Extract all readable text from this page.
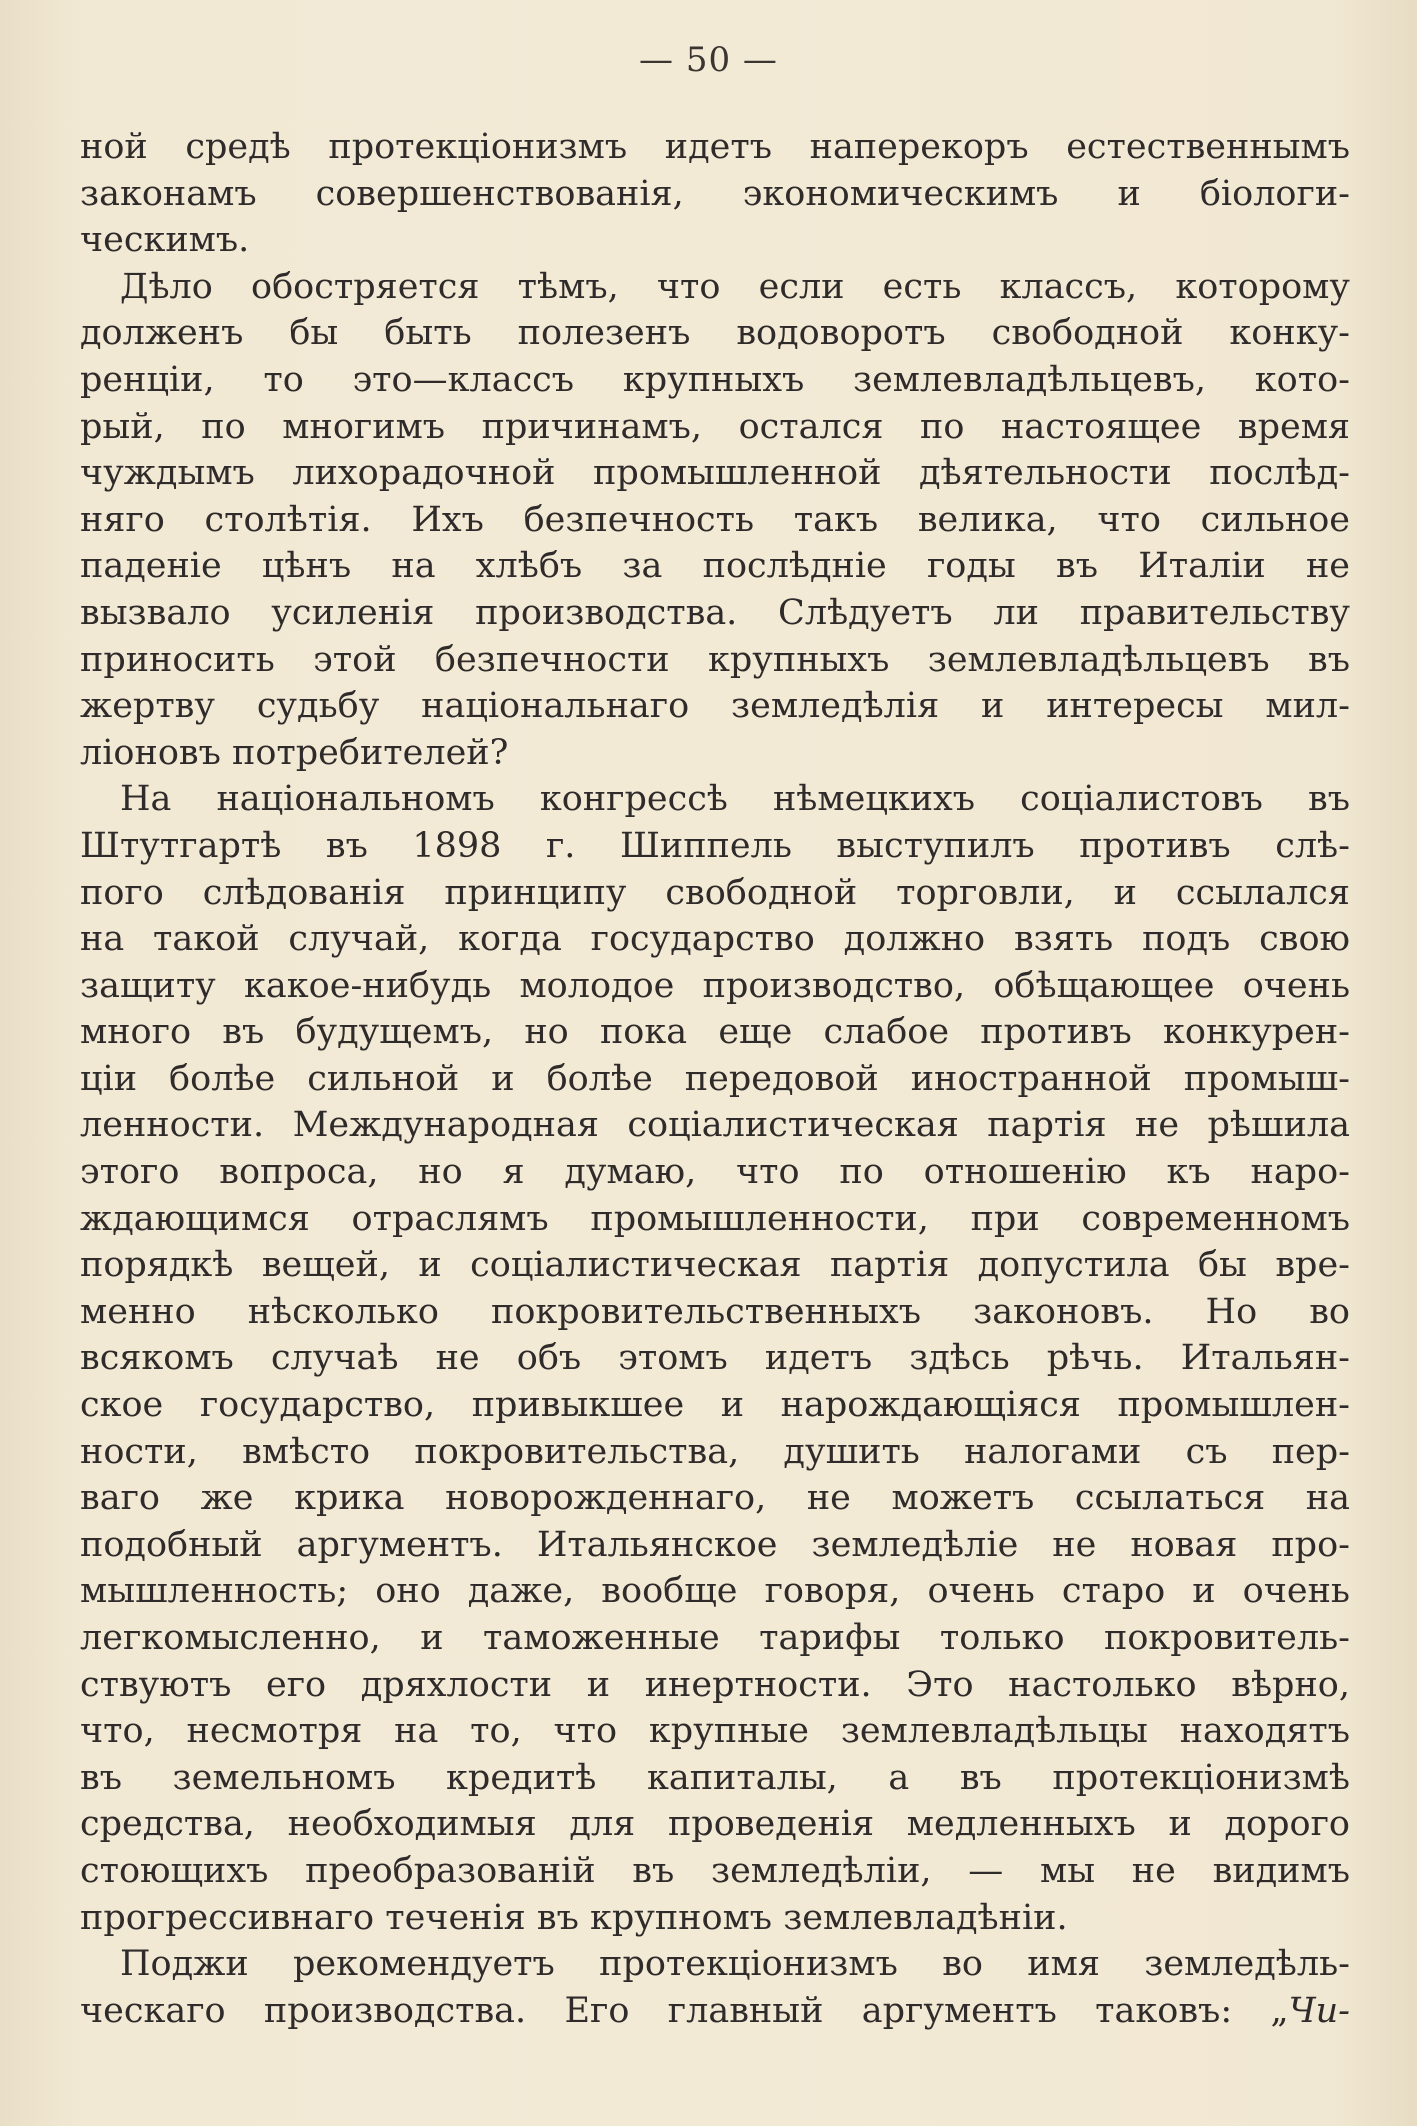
— 50 —
ной средѣ протекціонизмъ идетъ наперекоръ естественнымъ
законамъ совершенствованія, экономическимъ и біологи-
ческимъ.
Дѣло обостряется тѣмъ, что если есть классъ, которому
долженъ бы быть полезенъ водоворотъ свободной конку-
ренціи, то это—классъ крупныхъ землевладѣльцевъ, кото-
рый, по многимъ причинамъ, остался по настоящее время
чуждымъ лихорадочной промышленной дѣятельности послѣд-
няго столѣтія. Ихъ безпечность такъ велика, что сильное
паденіе цѣнъ на хлѣбъ за послѣдніе годы въ Италіи не
вызвало усиленія производства. Слѣдуетъ ли правительству
приносить этой безпечности крупныхъ землевладѣльцевъ въ
жертву судьбу національнаго земледѣлія и интересы мил-
ліоновъ потребителей?
На національномъ конгрессѣ нѣмецкихъ соціалистовъ въ
Штутгартѣ въ 1898 г. Шиппель выступилъ противъ слѣ-
пого слѣдованія принципу свободной торговли, и ссылался
на такой случай, когда государство должно взять подъ свою
защиту какое-нибудь молодое производство, обѣщающее очень
много въ будущемъ, но пока еще слабое противъ конкурен-
ціи болѣе сильной и болѣе передовой иностранной промыш-
ленности. Международная соціалистическая партія не рѣшила
этого вопроса, но я думаю, что по отношенію къ наро-
ждающимся отраслямъ промышленности, при современномъ
порядкѣ вещей, и соціалистическая партія допустила бы вре-
менно нѣсколько покровительственныхъ законовъ. Но во
всякомъ случаѣ не объ этомъ идетъ здѣсь рѣчь. Итальян-
ское государство, привыкшее и нарождающіяся промышлен-
ности, вмѣсто покровительства, душить налогами съ пер-
ваго же крика новорожденнаго, не можетъ ссылаться на
подобный аргументъ. Итальянское земледѣліе не новая про-
мышленность; оно даже, вообще говоря, очень старо и очень
легкомысленно, и таможенные тарифы только покровитель-
ствуютъ его дряхлости и инертности. Это настолько вѣрно,
что, несмотря на то, что крупные землевладѣльцы находятъ
въ земельномъ кредитѣ капиталы, а въ протекціонизмѣ
средства, необходимыя для проведенія медленныхъ и дорого
стоющихъ преобразованій въ земледѣліи, — мы не видимъ
прогрессивнаго теченія въ крупномъ землевладѣніи.
Поджи рекомендуетъ протекціонизмъ во имя земледѣль-
ческаго производства. Его главный аргументъ таковъ: „Чи-
